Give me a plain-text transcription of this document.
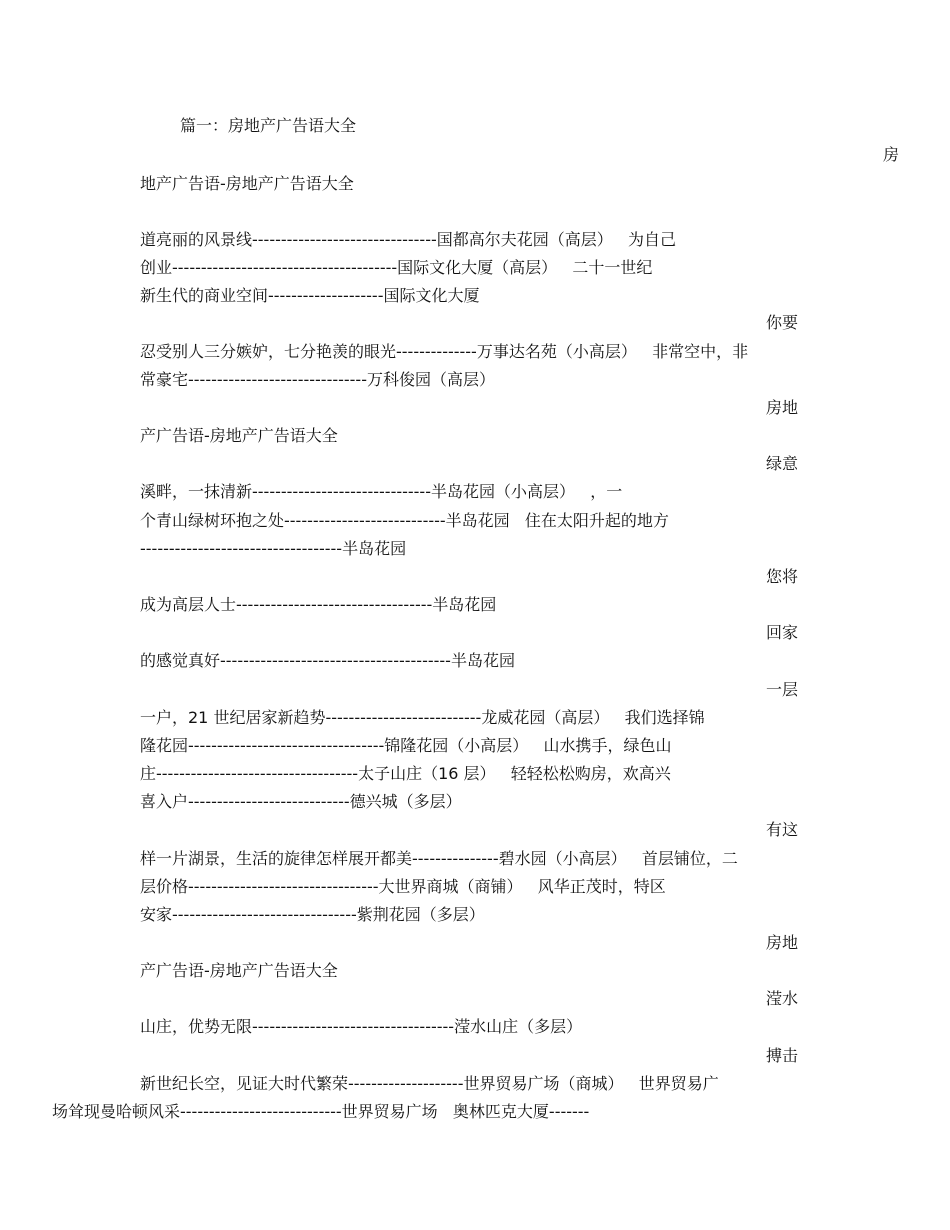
篇一：房地产广告语大全
房
地产广告语-房地产广告语大全
道亮丽的风景线--------------------------------国都高尔夫花园（高层）   为自己
创业---------------------------------------国际文化大厦（高层）   二十一世纪
新生代的商业空间--------------------国际文化大厦
你要
忍受别人三分嫉妒，七分艳羡的眼光--------------万事达名苑（小高层）   非常空中，非
常豪宅-------------------------------万科俊园（高层）
房地
产广告语-房地产广告语大全
绿意
溪畔，一抹清新-------------------------------半岛花园（小高层）   ，一
个青山绿树环抱之处----------------------------半岛花园   住在太阳升起的地方
-----------------------------------半岛花园
您将
成为高层人士----------------------------------半岛花园
回家
的感觉真好----------------------------------------半岛花园
一层
一户，21 世纪居家新趋势---------------------------龙威花园（高层）   我们选择锦
隆花园----------------------------------锦隆花园（小高层）   山水携手，绿色山
庄-----------------------------------太子山庄（16 层）   轻轻松松购房，欢高兴
喜入户----------------------------德兴城（多层）
有这
样一片湖景，生活的旋律怎样展开都美---------------碧水园（小高层）   首层铺位，二
层价格---------------------------------大世界商城（商铺）   风华正茂时，特区
安家--------------------------------紫荆花园（多层）
房地
产广告语-房地产广告语大全
滢水
山庄，优势无限-----------------------------------滢水山庄（多层）
搏击
新世纪长空，见证大时代繁荣--------------------世界贸易广场（商城）   世界贸易广
场耸现曼哈顿风采----------------------------世界贸易广场   奥林匹克大厦-------
